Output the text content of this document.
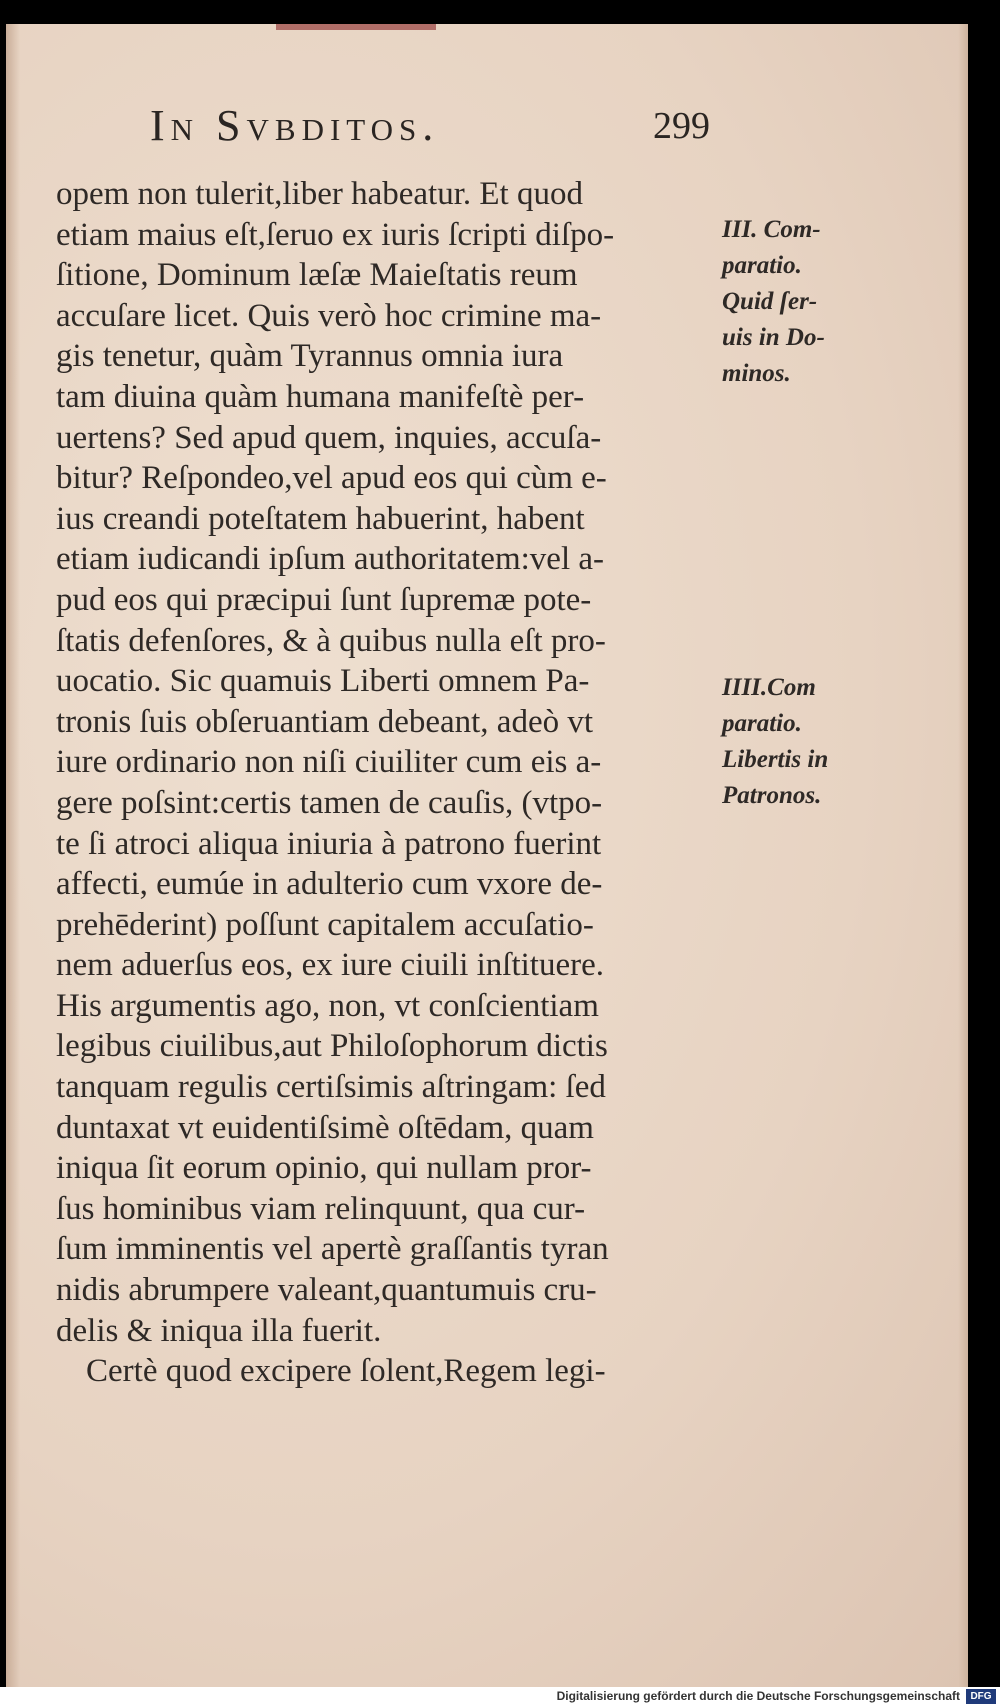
In Svbditos.	299
opem non tulerit,liber habeatur. Et quod
etiam maius eſt,ſeruo ex iuris ſcripti diſpo-
ſitione, Dominum læſæ Maieſtatis reum
accuſare licet. Quis verò hoc crimine ma-
gis tenetur, quàm Tyrannus omnia iura
tam diuina quàm humana manifeſtè per-
uertens? Sed apud quem, inquies, accuſa-
bitur? Reſpondeo,vel apud eos qui cùm e-
ius creandi poteſtatem habuerint, habent
etiam iudicandi ipſum authoritatem:vel a-
pud eos qui præcipui ſunt ſupremæ pote-
ſtatis defenſores, & à quibus nulla eſt pro-
uocatio. Sic quamuis Liberti omnem Pa-
tronis ſuis obſeruantiam debeant, adeò vt
iure ordinario non niſi ciuiliter cum eis a-
gere poſsint:certis tamen de cauſis, (vtpo-
te ſi atroci aliqua iniuria à patrono fuerint
affecti, eumúe in adulterio cum vxore de-
prehēderint) poſſunt capitalem accuſatio-
nem aduerſus eos, ex iure ciuili inſtituere.
His argumentis ago, non, vt conſcientiam
legibus ciuilibus,aut Philoſophorum dictis
tanquam regulis certiſsimis aſtringam: ſed
duntaxat vt euidentiſsimè oſtēdam, quam
iniqua ſit eorum opinio, qui nullam pror-
ſus hominibus viam relinquunt, qua cur-
ſum imminentis vel apertè graſſantis tyran
nidis abrumpere valeant,quantumuis cru-
delis & iniqua illa fuerit.
Certè quod excipere ſolent,Regem legi-
III. Com-
paratio.
Quid ſer-
uis in Do-
minos.
IIII.Com
paratio.
Libertis in
Patronos.
Digitalisierung gefördert durch die Deutsche Forschungsgemeinschaft	DFG
